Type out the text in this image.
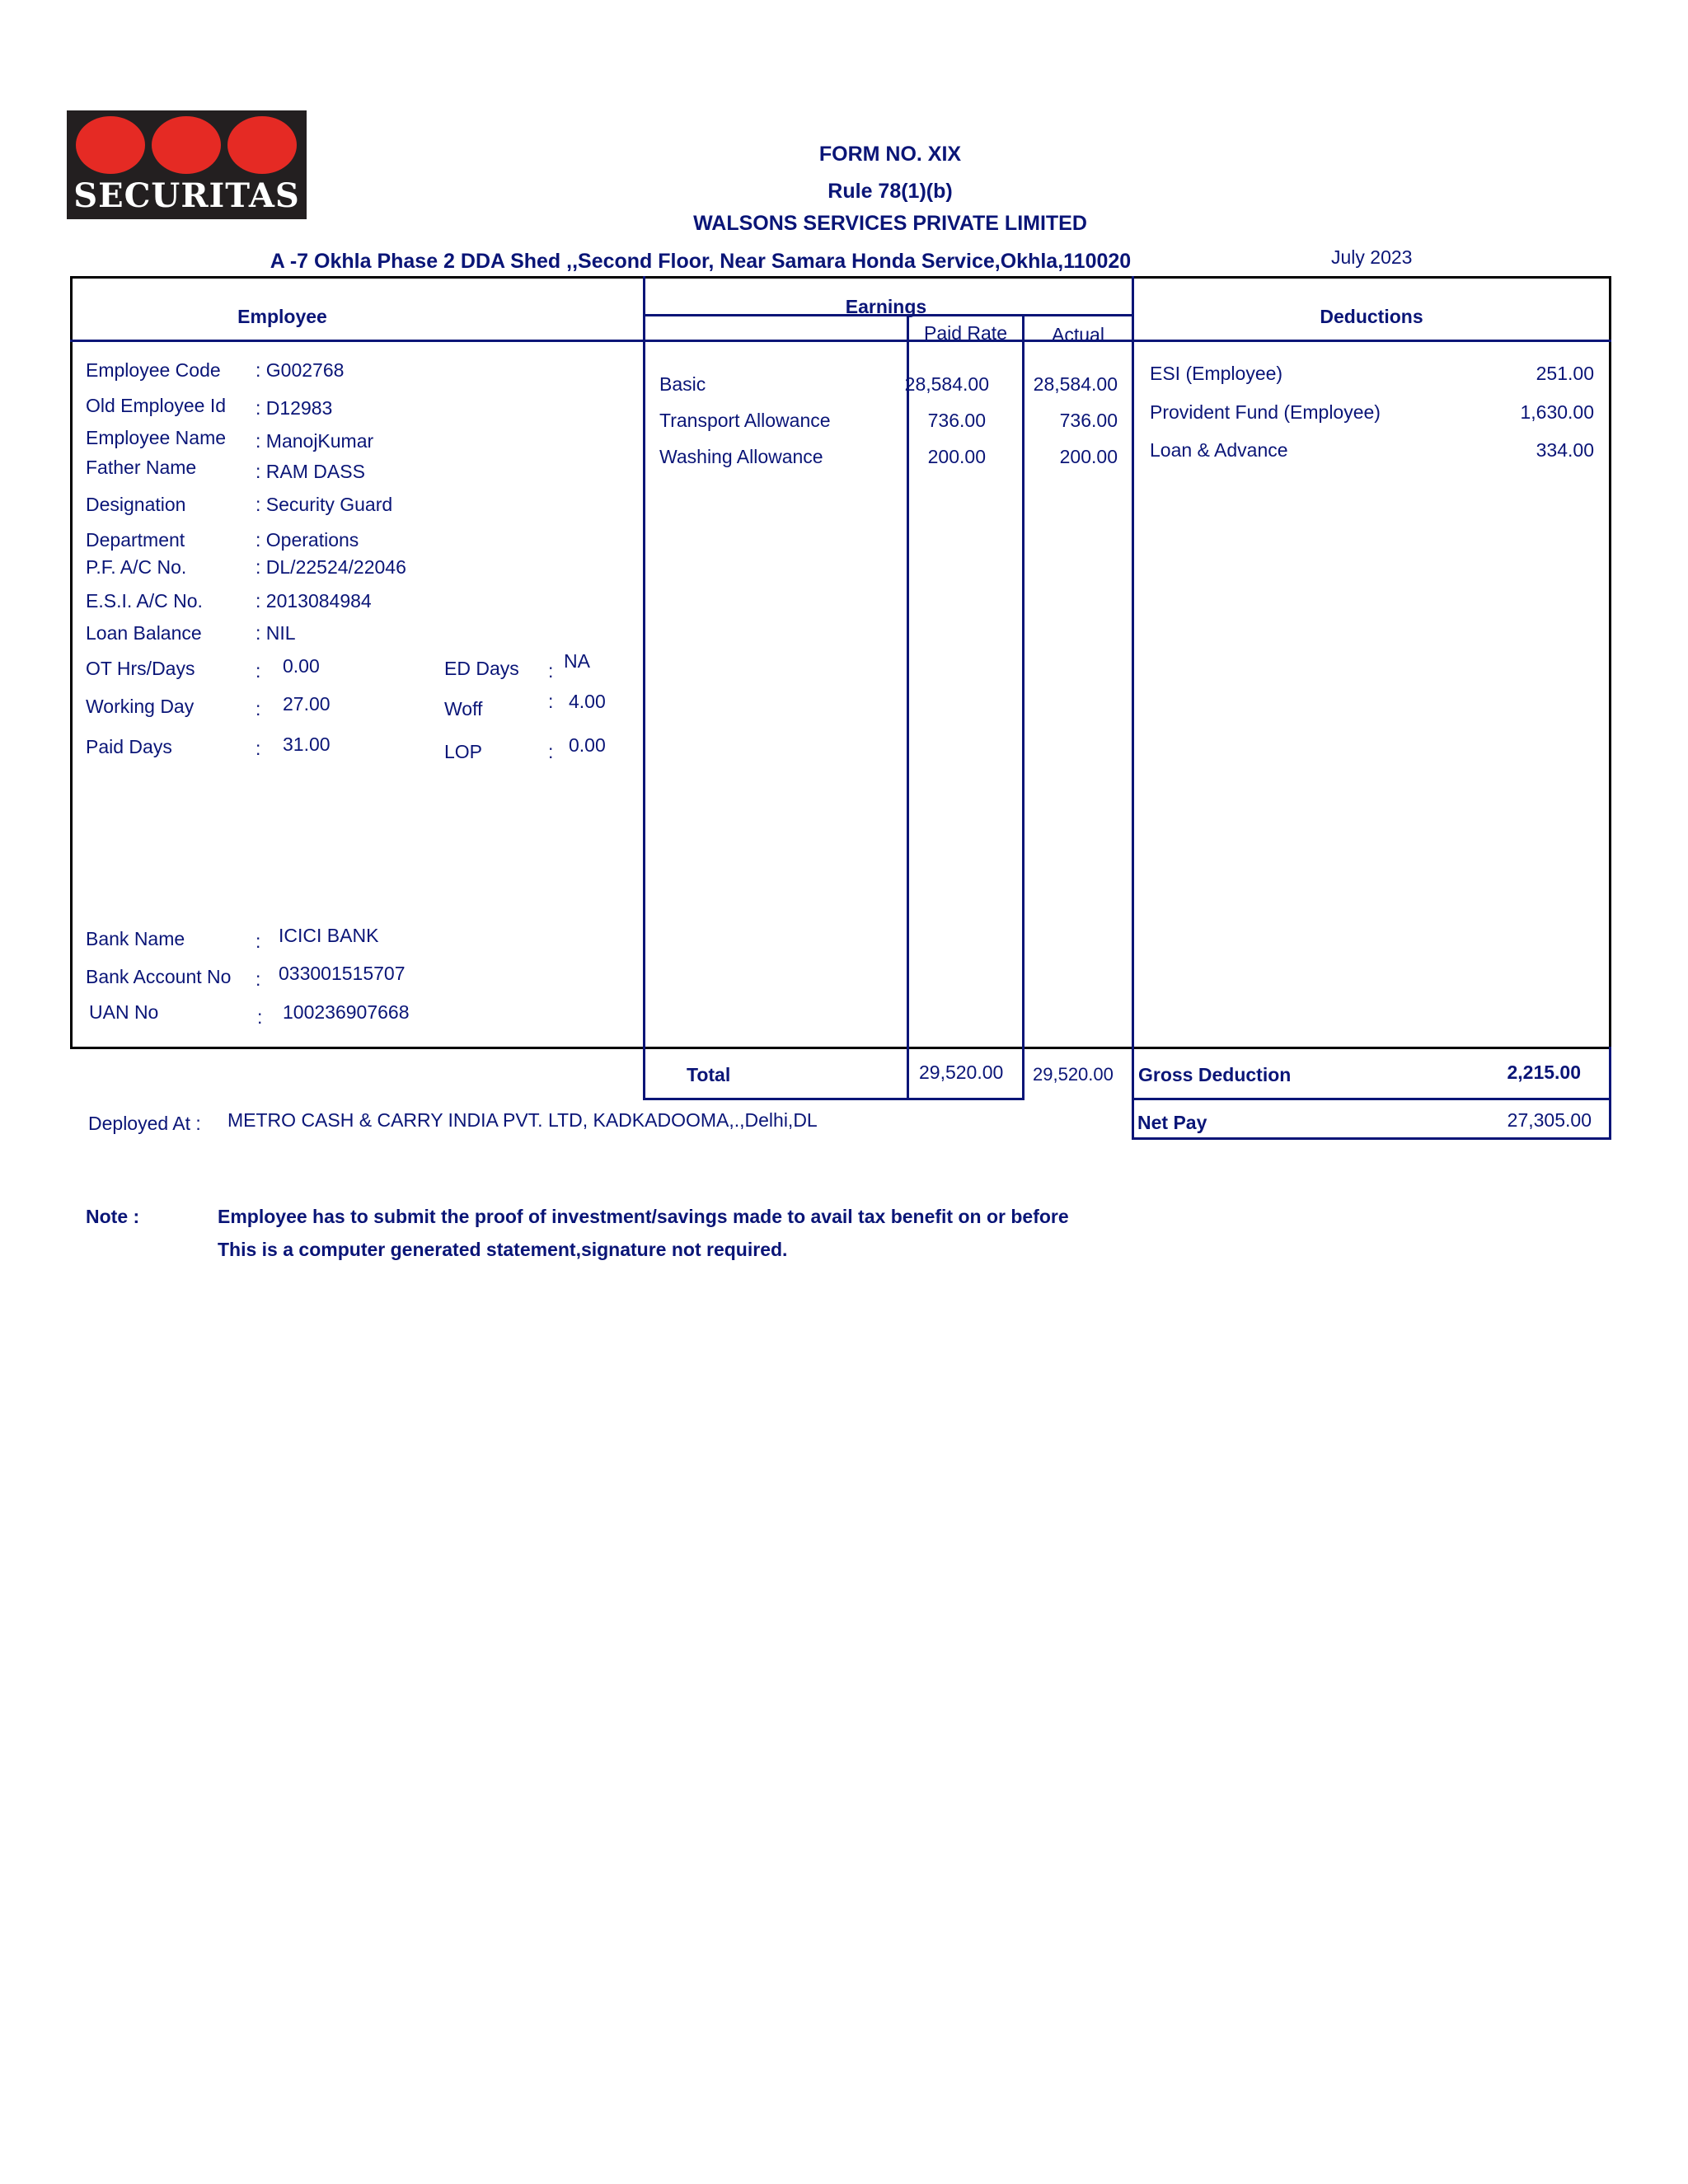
SECURITAS
FORM NO. XIX
Rule 78(1)(b)
WALSONS SERVICES PRIVATE LIMITED
A -7 Okhla Phase 2 DDA Shed ,,Second Floor, Near Samara Honda Service,Okhla,110020	July 2023
Employee	Earnings
Paid Rate	Actual
Deductions
Employee Code : G002768
Old Employee Id : D12983
Employee Name : ManojKumar
Father Name	: RAM DASS
Designation	: Security Guard
Department	: Operations
P.F. A/C No.	: DL/22524/22046
E.S.I. A/C No.	: 2013084984
Loan Balance	: NIL
OT Hrs/Days	: 0.00
Working Day	: 27.00
Paid Days	: 31.00
ED Days : NA
Woff	: 4.00
LOP	: 0.00
Bank Name	: ICICI BANK
Bank Account No : 033001515707
UAN No	: 100236907668
Basic	28,584.00	28,584.00
Transport Allowance	736.00	736.00
Washing Allowance	200.00	200.00
ESI (Employee)	251.00
Provident Fund (Employee)	1,630.00
Loan & Advance	334.00
Total	29,520.00 29,520.00 Gross Deduction	2,215.00
Net Pay	27,305.00
Deployed At : METRO CASH & CARRY INDIA PVT. LTD, KADKADOOMA,.,Delhi,DL
Note :	Employee has to submit the proof of investment/savings made to avail tax benefit on or before
This is a computer generated statement,signature not required.
